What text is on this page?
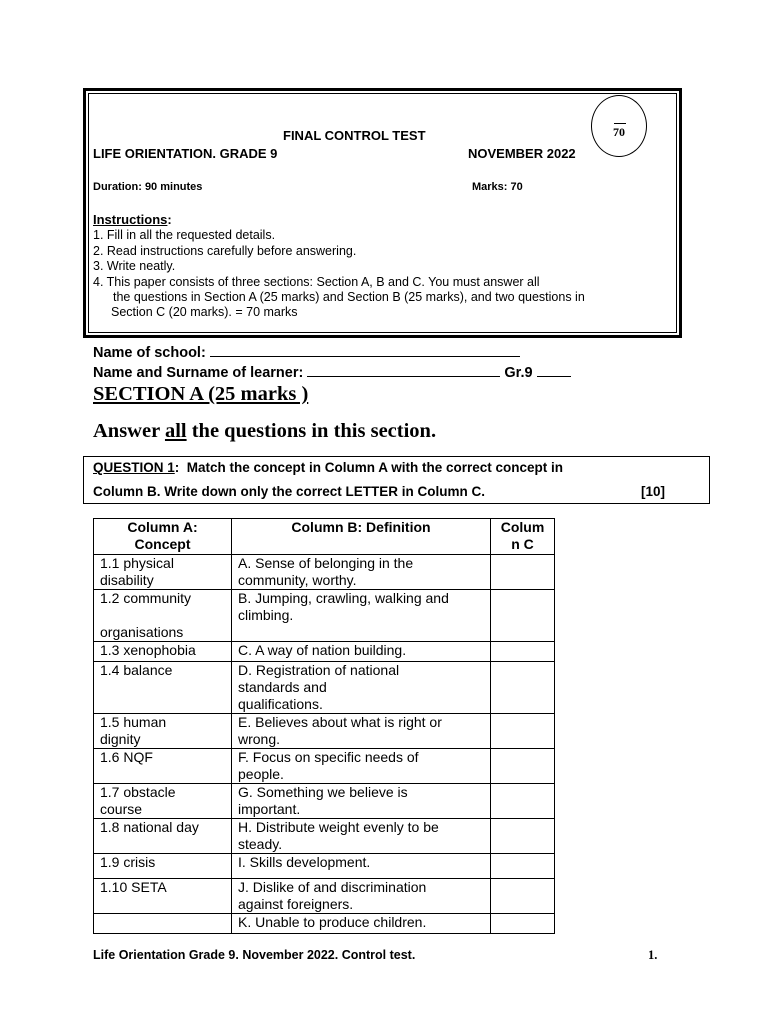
70
FINAL CONTROL TEST
LIFE ORIENTATION. GRADE 9	NOVEMBER 2022
Duration: 90 minutes	Marks: 70
Instructions:
1. Fill in all the requested details.
2. Read instructions carefully before answering.
3. Write neatly.
4. This paper consists of three sections: Section A, B and C. You must answer all
the questions in Section A (25 marks) and Section B (25 marks), and two questions in
Section C (20 marks). = 70 marks
Name of school:
Name and Surname of learner:	Gr.9
SECTION A (25 marks )
Answer all the questions in this section.
QUESTION 1:  Match the concept in Column A with the correct concept in
Column B. Write down only the correct LETTER in Column C.	[10]
Column A:
Concept	Column B: Definition	Colum
n C
1.1 physical
disability	A. Sense of belonging in the
community, worthy.	
1.2 community

organisations	B. Jumping, crawling, walking and
climbing.	
1.3 xenophobia	C. A way of nation building.	
1.4 balance	D. Registration of national
standards and
qualifications.	
1.5 human
dignity	E. Believes about what is right or
wrong.	
1.6 NQF	F. Focus on specific needs of
people.	
1.7 obstacle
course	G. Something we believe is
important.	
1.8 national day	H. Distribute weight evenly to be
steady.	
1.9 crisis	I. Skills development.	
1.10 SETA	J. Dislike of and discrimination
against foreigners.	
	K. Unable to produce children.	
Life Orientation Grade 9. November 2022. Control test.	1.
